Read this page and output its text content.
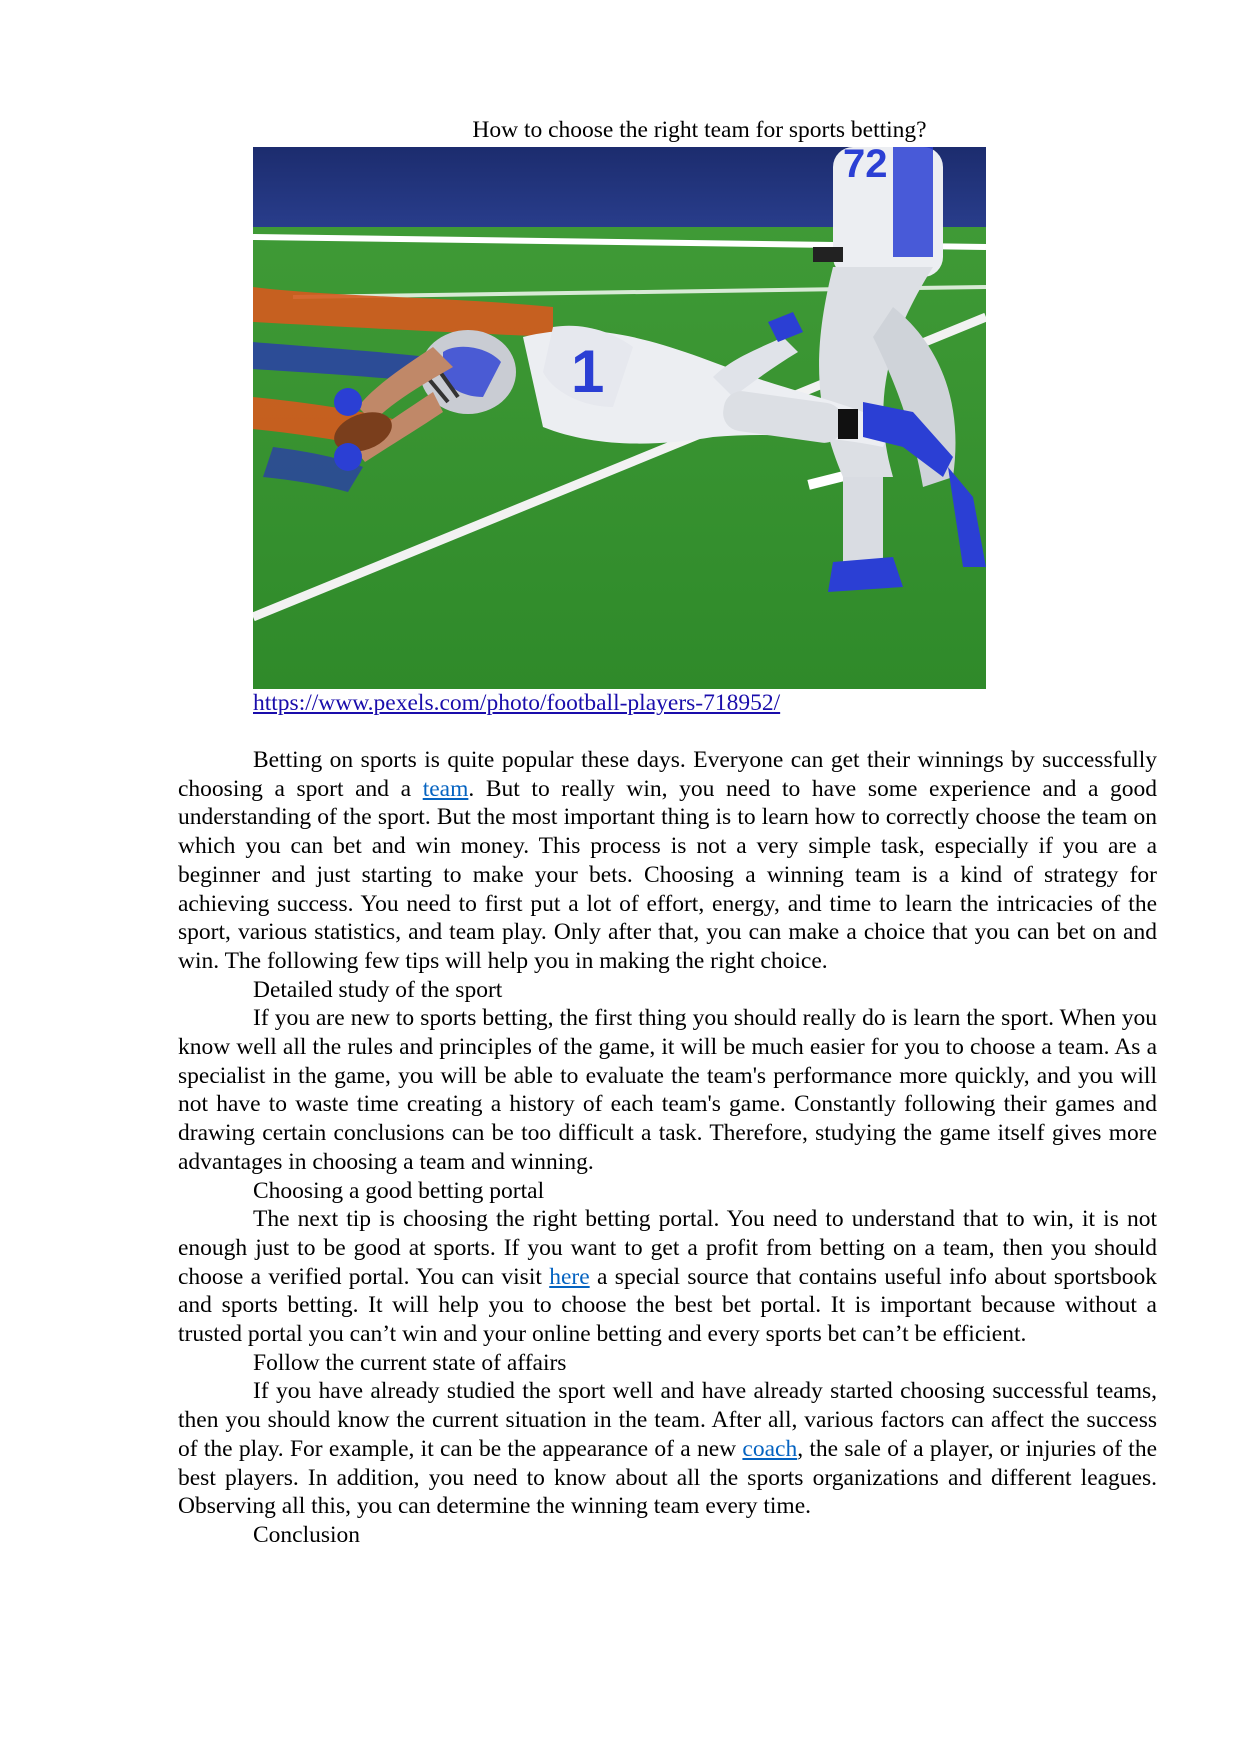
How to choose the right team for sports betting?
72
1
https://www.pexels.com/photo/football-players-718952/

Betting on sports is quite popular these days. Everyone can get their winnings by successfully choosing a sport and a team. But to really win, you need to have some experience and a good understanding of the sport. But the most important thing is to learn how to correctly choose the team on which you can bet and win money. This process is not a very simple task, especially if you are a beginner and just starting to make your bets. Choosing a winning team is a kind of strategy for achieving success. You need to first put a lot of effort, energy, and time to learn the intricacies of the sport, various statistics, and team play. Only after that, you can make a choice that you can bet on and win. The following few tips will help you in making the right choice.

Detailed study of the sport

If you are new to sports betting, the first thing you should really do is learn the sport. When you know well all the rules and principles of the game, it will be much easier for you to choose a team. As a specialist in the game, you will be able to evaluate the team's performance more quickly, and you will not have to waste time creating a history of each team's game. Constantly following their games and drawing certain conclusions can be too difficult a task. Therefore, studying the game itself gives more advantages in choosing a team and winning.

Choosing a good betting portal

The next tip is choosing the right betting portal. You need to understand that to win, it is not enough just to be good at sports. If you want to get a profit from betting on a team, then you should choose a verified portal. You can visit here a special source that contains useful info about sportsbook and sports betting. It will help you to choose the best bet portal. It is important because without a trusted portal you can’t win and your online betting and every sports bet can’t be efficient.

Follow the current state of affairs

If you have already studied the sport well and have already started choosing successful teams, then you should know the current situation in the team. After all, various factors can affect the success of the play. For example, it can be the appearance of a new coach, the sale of a player, or injuries of the best players. In addition, you need to know about all the sports organizations and different leagues. Observing all this, you can determine the winning team every time.

Conclusion
